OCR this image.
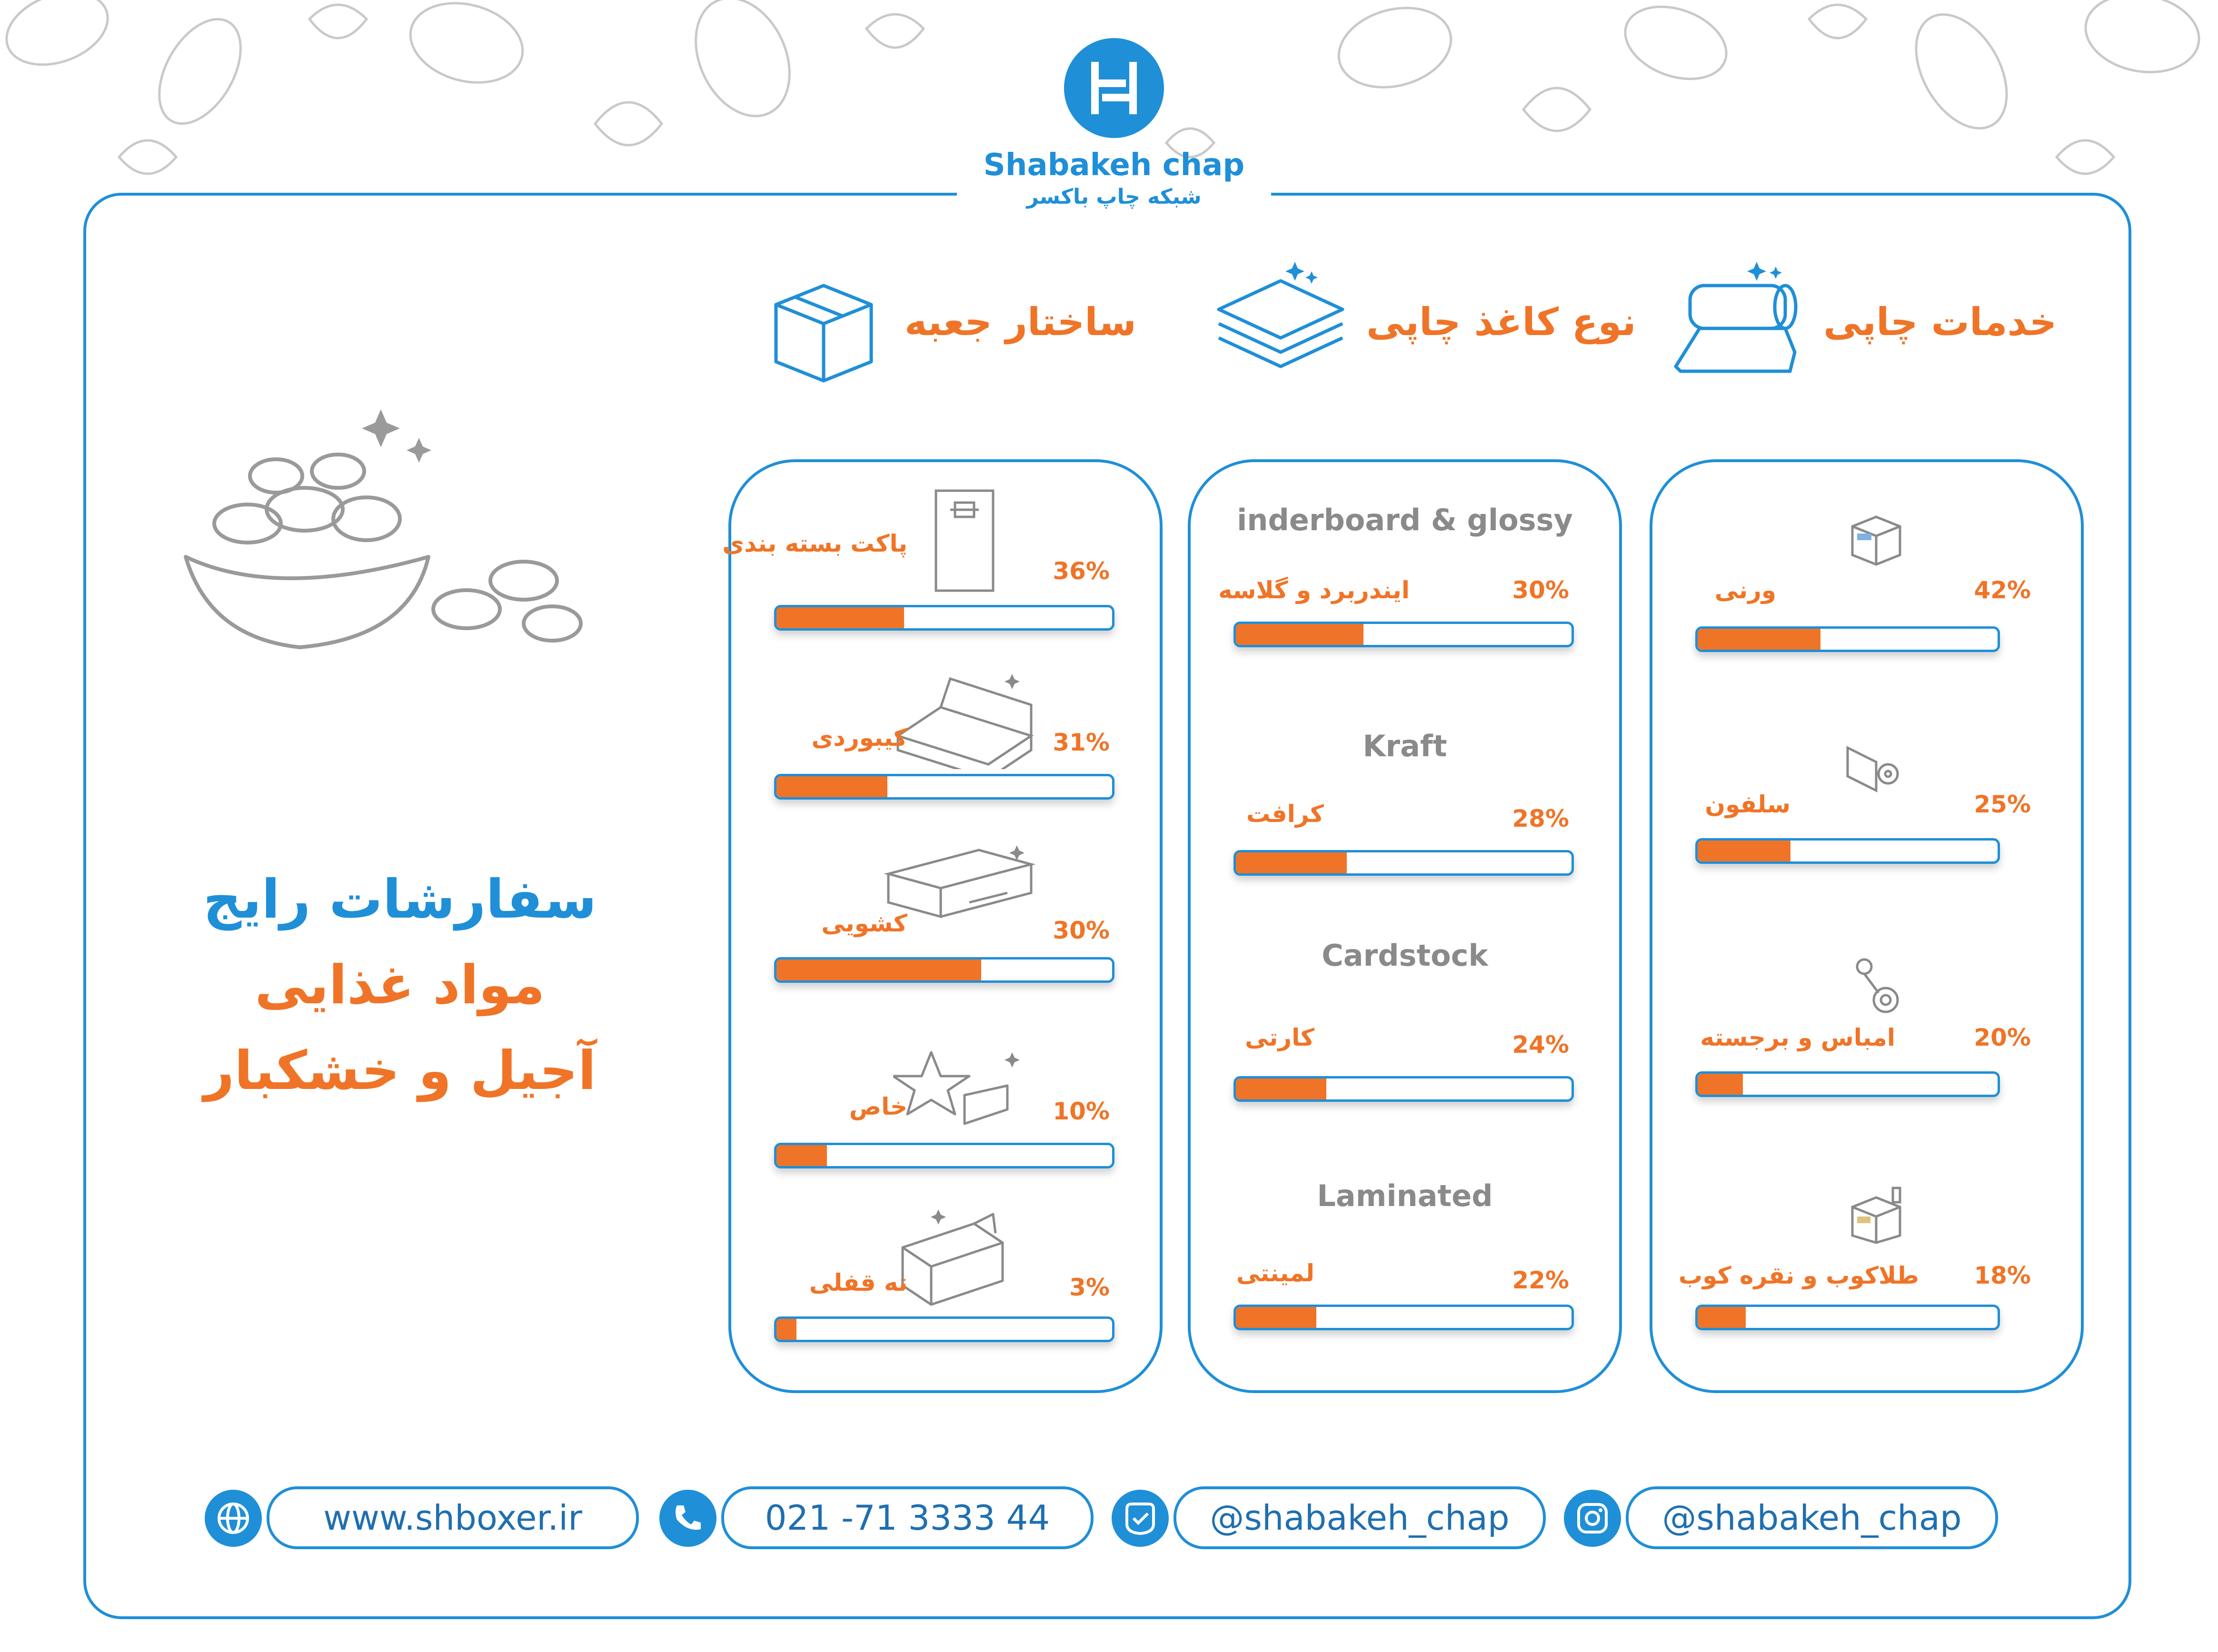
Shabakeh chap
شبکه چاپ باکسر
ساختار جعبه	نوع کاغذ چاپی	خدمات چاپی
سفارشات رایج
مواد غذایی
آجیل و خشکبار
پاکت بسته بندی
36%
کیبوردی	31%
کشویی	30%
خاص	10%
ته قفلی	3%
inderboard & glossy
ایندربرد و گلاسه	30%
Kraft
کرافت	28%
Cardstock
کارتی	24%
Laminated
لمینتی	22%
ورنی	42%
سلفون	25%
امباس و برجسته	20%
طلاکوب و نقره کوب 18%
www.shboxer.ir	021 -71 3333 44	@shabakeh_chap	@shabakeh_chap
